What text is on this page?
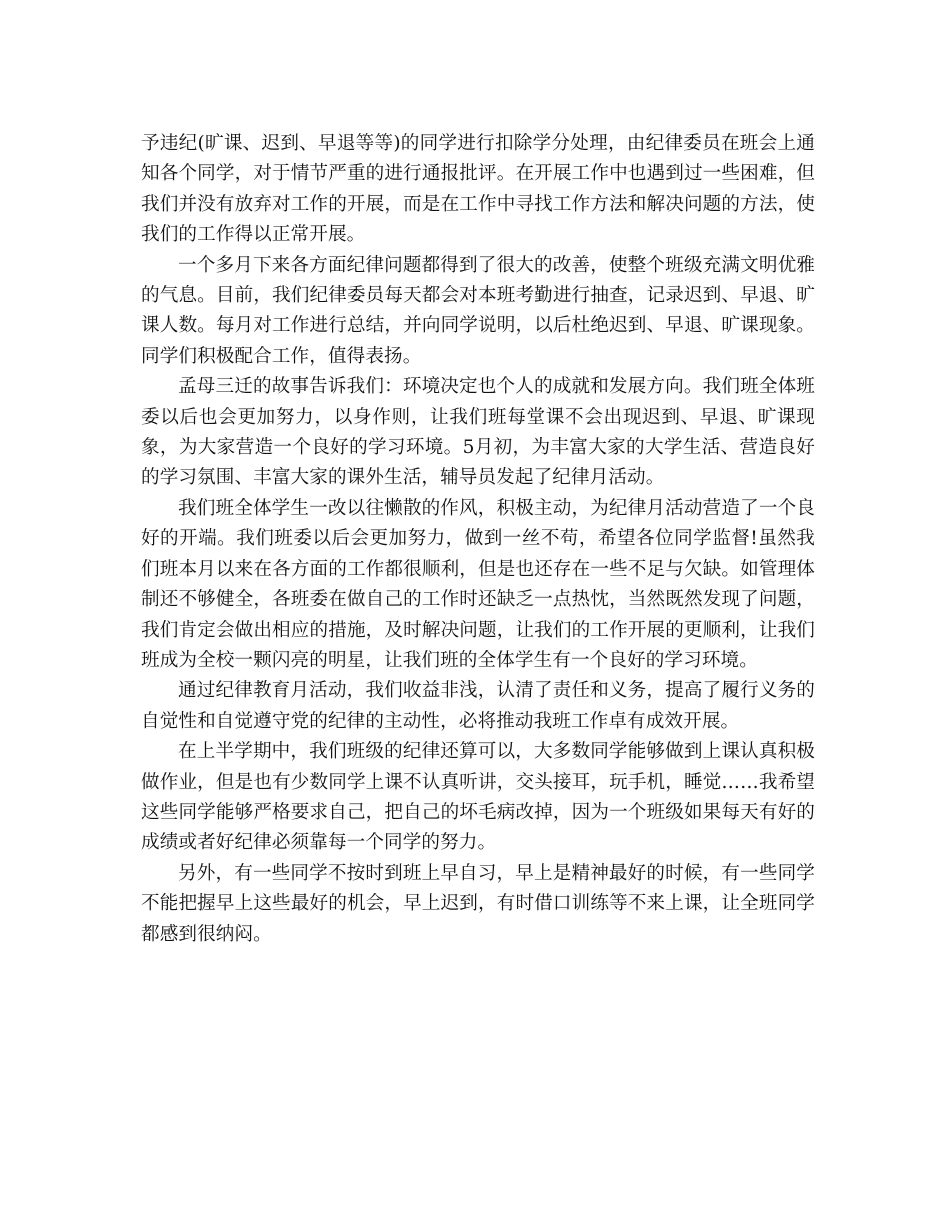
予违纪(旷课、迟到、早退等等)的同学进行扣除学分处理，由纪律委员在班会上通知各个同学，对于情节严重的进行通报批评。在开展工作中也遇到过一些困难，但我们并没有放弃对工作的开展，而是在工作中寻找工作方法和解决问题的方法，使我们的工作得以正常开展。

一个多月下来各方面纪律问题都得到了很大的改善，使整个班级充满文明优雅的气息。目前，我们纪律委员每天都会对本班考勤进行抽查，记录迟到、早退、旷课人数。每月对工作进行总结，并向同学说明，以后杜绝迟到、早退、旷课现象。同学们积极配合工作，值得表扬。

孟母三迁的故事告诉我们：环境决定也个人的成就和发展方向。我们班全体班委以后也会更加努力，以身作则，让我们班每堂课不会出现迟到、早退、旷课现象，为大家营造一个良好的学习环境。5月初，为丰富大家的大学生活、营造良好的学习氛围、丰富大家的课外生活，辅导员发起了纪律月活动。

我们班全体学生一改以往懒散的作风，积极主动，为纪律月活动营造了一个良好的开端。我们班委以后会更加努力，做到一丝不苟，希望各位同学监督!虽然我们班本月以来在各方面的工作都很顺利，但是也还存在一些不足与欠缺。如管理体制还不够健全，各班委在做自己的工作时还缺乏一点热忱，当然既然发现了问题，我们肯定会做出相应的措施，及时解决问题，让我们的工作开展的更顺利，让我们班成为全校一颗闪亮的明星，让我们班的全体学生有一个良好的学习环境。

通过纪律教育月活动，我们收益非浅，认清了责任和义务，提高了履行义务的自觉性和自觉遵守党的纪律的主动性，必将推动我班工作卓有成效开展。

在上半学期中，我们班级的纪律还算可以，大多数同学能够做到上课认真积极做作业，但是也有少数同学上课不认真听讲，交头接耳，玩手机，睡觉……我希望这些同学能够严格要求自己，把自己的坏毛病改掉，因为一个班级如果每天有好的成绩或者好纪律必须靠每一个同学的努力。

另外，有一些同学不按时到班上早自习，早上是精神最好的时候，有一些同学不能把握早上这些最好的机会，早上迟到，有时借口训练等不来上课，让全班同学都感到很纳闷。
